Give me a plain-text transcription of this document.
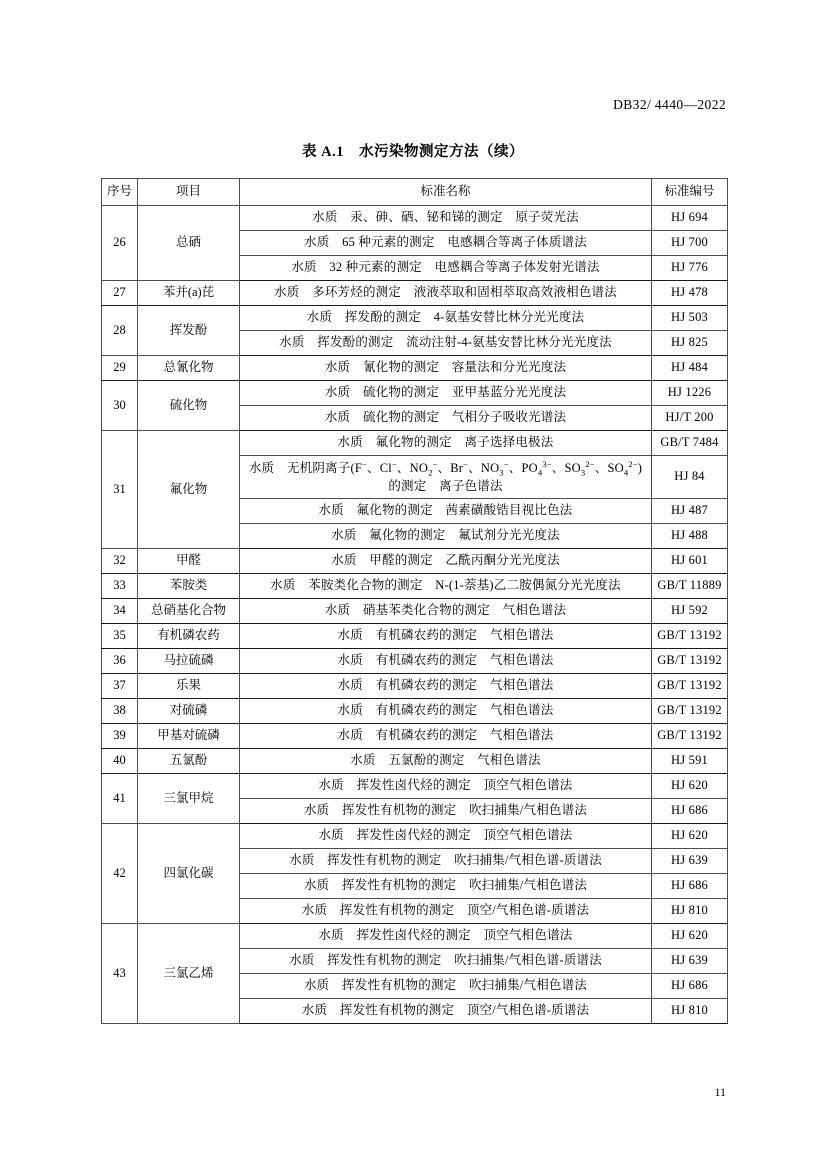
DB32/ 4440—2022
表 A.1　水污染物测定方法（续）
序号	项目	标准名称	标准编号
26	总硒	水质　汞、砷、硒、铋和锑的测定　原子荧光法	HJ 694
		水质　65 种元素的测定　电感耦合等离子体质谱法	HJ 700
		水质　32 种元素的测定　电感耦合等离子体发射光谱法	HJ 776
27	苯并(a)芘	水质　多环芳烃的测定　液液萃取和固相萃取高效液相色谱法	HJ 478
28	挥发酚	水质　挥发酚的测定　4-氨基安替比林分光光度法	HJ 503
		水质　挥发酚的测定　流动注射-4-氨基安替比林分光光度法	HJ 825
29	总氰化物	水质　氰化物的测定　容量法和分光光度法	HJ 484
30	硫化物	水质　硫化物的测定　亚甲基蓝分光光度法	HJ 1226
		水质　硫化物的测定　气相分子吸收光谱法	HJ/T 200
31	氟化物	水质　氟化物的测定　离子选择电极法	GB/T 7484

		水质　无机阴离子(F−、Cl−、$NO_2^-$、Br−、$NO_3^-$、$PO_4^{3-}$、$SO_3^{2-}$、$SO_4^{2-}$)
的测定　离子色谱法	HJ 84
		水质　氟化物的测定　茜素磺酸锆目视比色法	HJ 487
		水质　氟化物的测定　氟试剂分光光度法	HJ 488
32	甲醛	水质　甲醛的测定　乙酰丙酮分光光度法	HJ 601
33	苯胺类	水质　苯胺类化合物的测定　N-(1-萘基)乙二胺偶氮分光光度法	GB/T 11889
34	总硝基化合物	水质　硝基苯类化合物的测定　气相色谱法	HJ 592
35	有机磷农药	水质　有机磷农药的测定　气相色谱法	GB/T 13192
36	马拉硫磷	水质　有机磷农药的测定　气相色谱法	GB/T 13192
37	乐果	水质　有机磷农药的测定　气相色谱法	GB/T 13192
38	对硫磷	水质　有机磷农药的测定　气相色谱法	GB/T 13192
39	甲基对硫磷	水质　有机磷农药的测定　气相色谱法	GB/T 13192
40	五氯酚	水质　五氯酚的测定　气相色谱法	HJ 591
41	三氯甲烷	水质　挥发性卤代烃的测定　顶空气相色谱法	HJ 620
		水质　挥发性有机物的测定　吹扫捕集/气相色谱法	HJ 686
42	四氯化碳	水质　挥发性卤代烃的测定　顶空气相色谱法	HJ 620
		水质　挥发性有机物的测定　吹扫捕集/气相色谱-质谱法	HJ 639
		水质　挥发性有机物的测定　吹扫捕集/气相色谱法	HJ 686
		水质　挥发性有机物的测定　顶空/气相色谱-质谱法	HJ 810
43	三氯乙烯	水质　挥发性卤代烃的测定　顶空气相色谱法	HJ 620
		水质　挥发性有机物的测定　吹扫捕集/气相色谱-质谱法	HJ 639
		水质　挥发性有机物的测定　吹扫捕集/气相色谱法	HJ 686
		水质　挥发性有机物的测定　顶空/气相色谱-质谱法	HJ 810
11
